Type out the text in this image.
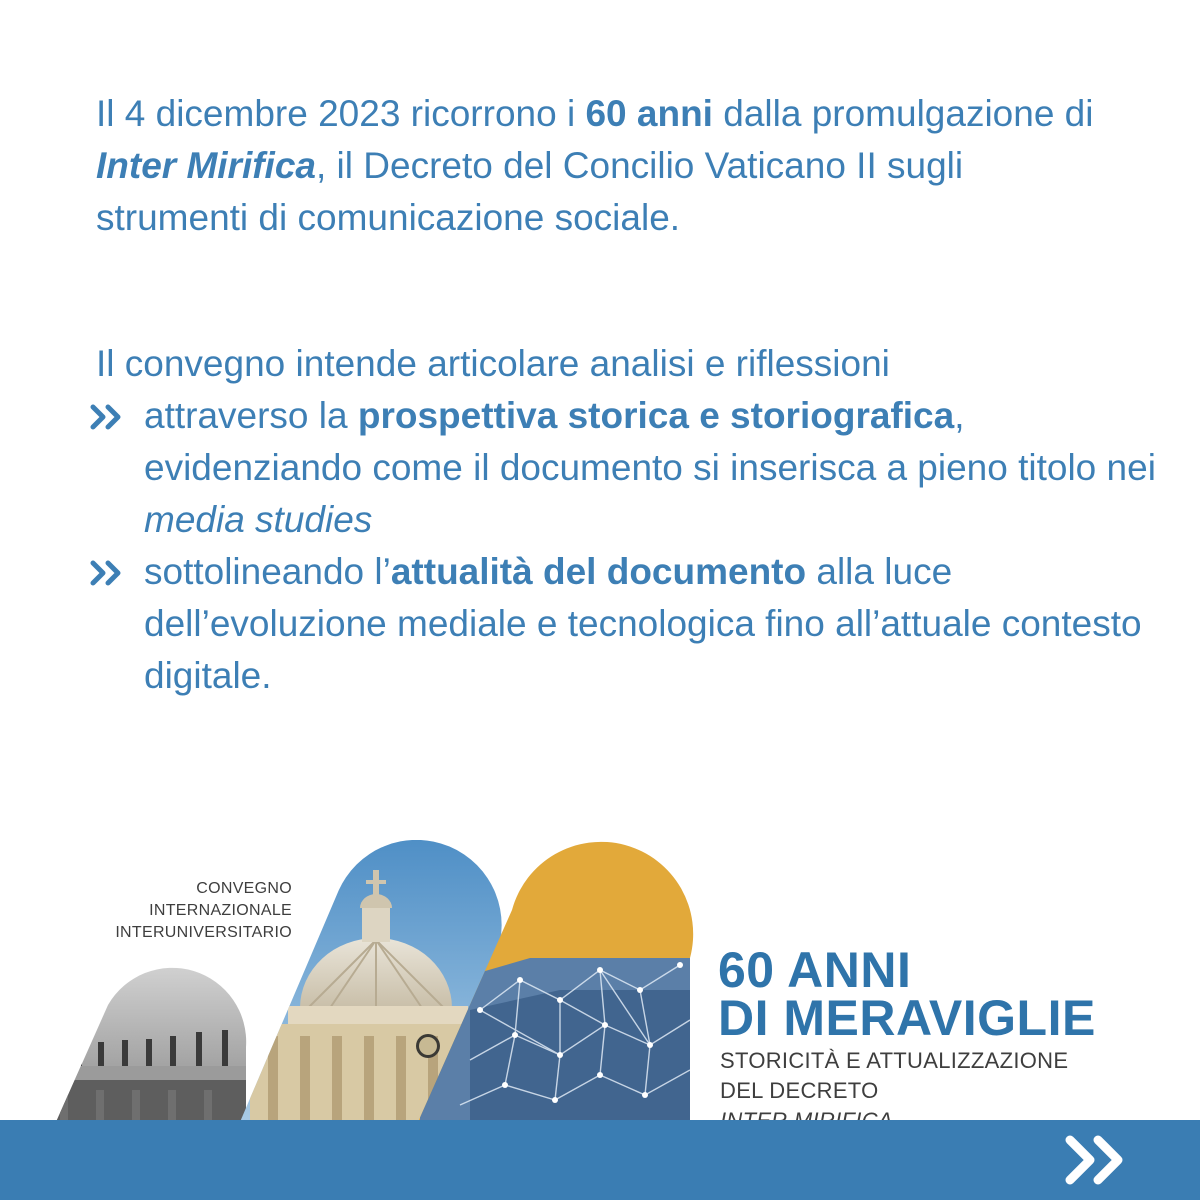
Il 4 dicembre 2023 ricorrono i 60 anni dalla promulgazione di Inter Mirifica, il Decreto del Concilio Vaticano II sugli strumenti di comunicazione sociale.

Il convegno intende articolare analisi e riflessioni

attraverso la prospettiva storica e storiografica, evidenziando come il documento si inserisca a pieno titolo nei media studies
sottolineando l’attualità del documento alla luce dell’evoluzione mediale e tecnologica fino all’attuale contesto digitale.

CONVEGNO
INTERNAZIONALE
INTERUNIVERSITARIO

60 ANNI
DI MERAVIGLIE

STORICITÀ E ATTUALIZZAZIONE
DEL DECRETO
